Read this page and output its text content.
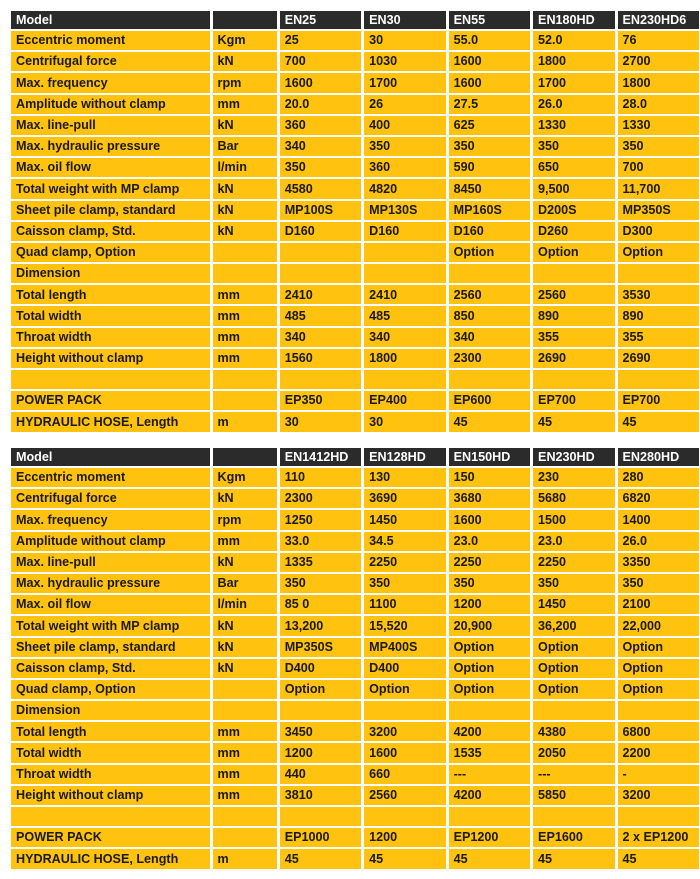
Model		EN25	EN30	EN55	EN180HD	EN230HD6
Eccentric moment	Kgm	25	30	55.0	52.0	76
Centrifugal force	kN	700	1030	1600	1800	2700
Max. frequency	rpm	1600	1700	1600	1700	1800
Amplitude without clamp	mm	20.0	26	27.5	26.0	28.0
Max. line-pull	kN	360	400	625	1330	1330
Max. hydraulic pressure	Bar	340	350	350	350	350
Max. oil flow	l/min	350	360	590	650	700
Total weight with MP clamp	kN	4580	4820	8450	9,500	11,700
Sheet pile clamp, standard	kN	MP100S	MP130S	MP160S	D200S	MP350S
Caisson clamp, Std.	kN	D160	D160	D160	D260	D300
Quad clamp, Option				Option	Option	Option
Dimension						
Total length	mm	2410	2410	2560	2560	3530
Total width	mm	485	485	850	890	890
Throat width	mm	340	340	340	355	355
Height without clamp	mm	1560	1800	2300	2690	2690

POWER PACK		EP350	EP400	EP600	EP700	EP700
HYDRAULIC HOSE, Length	m	30	30	45	45	45
Model		EN1412HD	EN128HD	EN150HD	EN230HD	EN280HD
Eccentric moment	Kgm	110	130	150	230	280
Centrifugal force	kN	2300	3690	3680	5680	6820
Max. frequency	rpm	1250	1450	1600	1500	1400
Amplitude without clamp	mm	33.0	34.5	23.0	23.0	26.0
Max. line-pull	kN	1335	2250	2250	2250	3350
Max. hydraulic pressure	Bar	350	350	350	350	350
Max. oil flow	l/min	85 0	1100	1200	1450	2100
Total weight with MP clamp	kN	13,200	15,520	20,900	36,200	22,000
Sheet pile clamp, standard	kN	MP350S	MP400S	Option	Option	Option
Caisson clamp, Std.	kN	D400	D400	Option	Option	Option
Quad clamp, Option		Option	Option	Option	Option	Option
Dimension						
Total length	mm	3450	3200	4200	4380	6800
Total width	mm	1200	1600	1535	2050	2200
Throat width	mm	440	660	---	---	-
Height without clamp	mm	3810	2560	4200	5850	3200

POWER PACK		EP1000	1200	EP1200	EP1600	2 x EP1200
HYDRAULIC HOSE, Length	m	45	45	45	45	45
